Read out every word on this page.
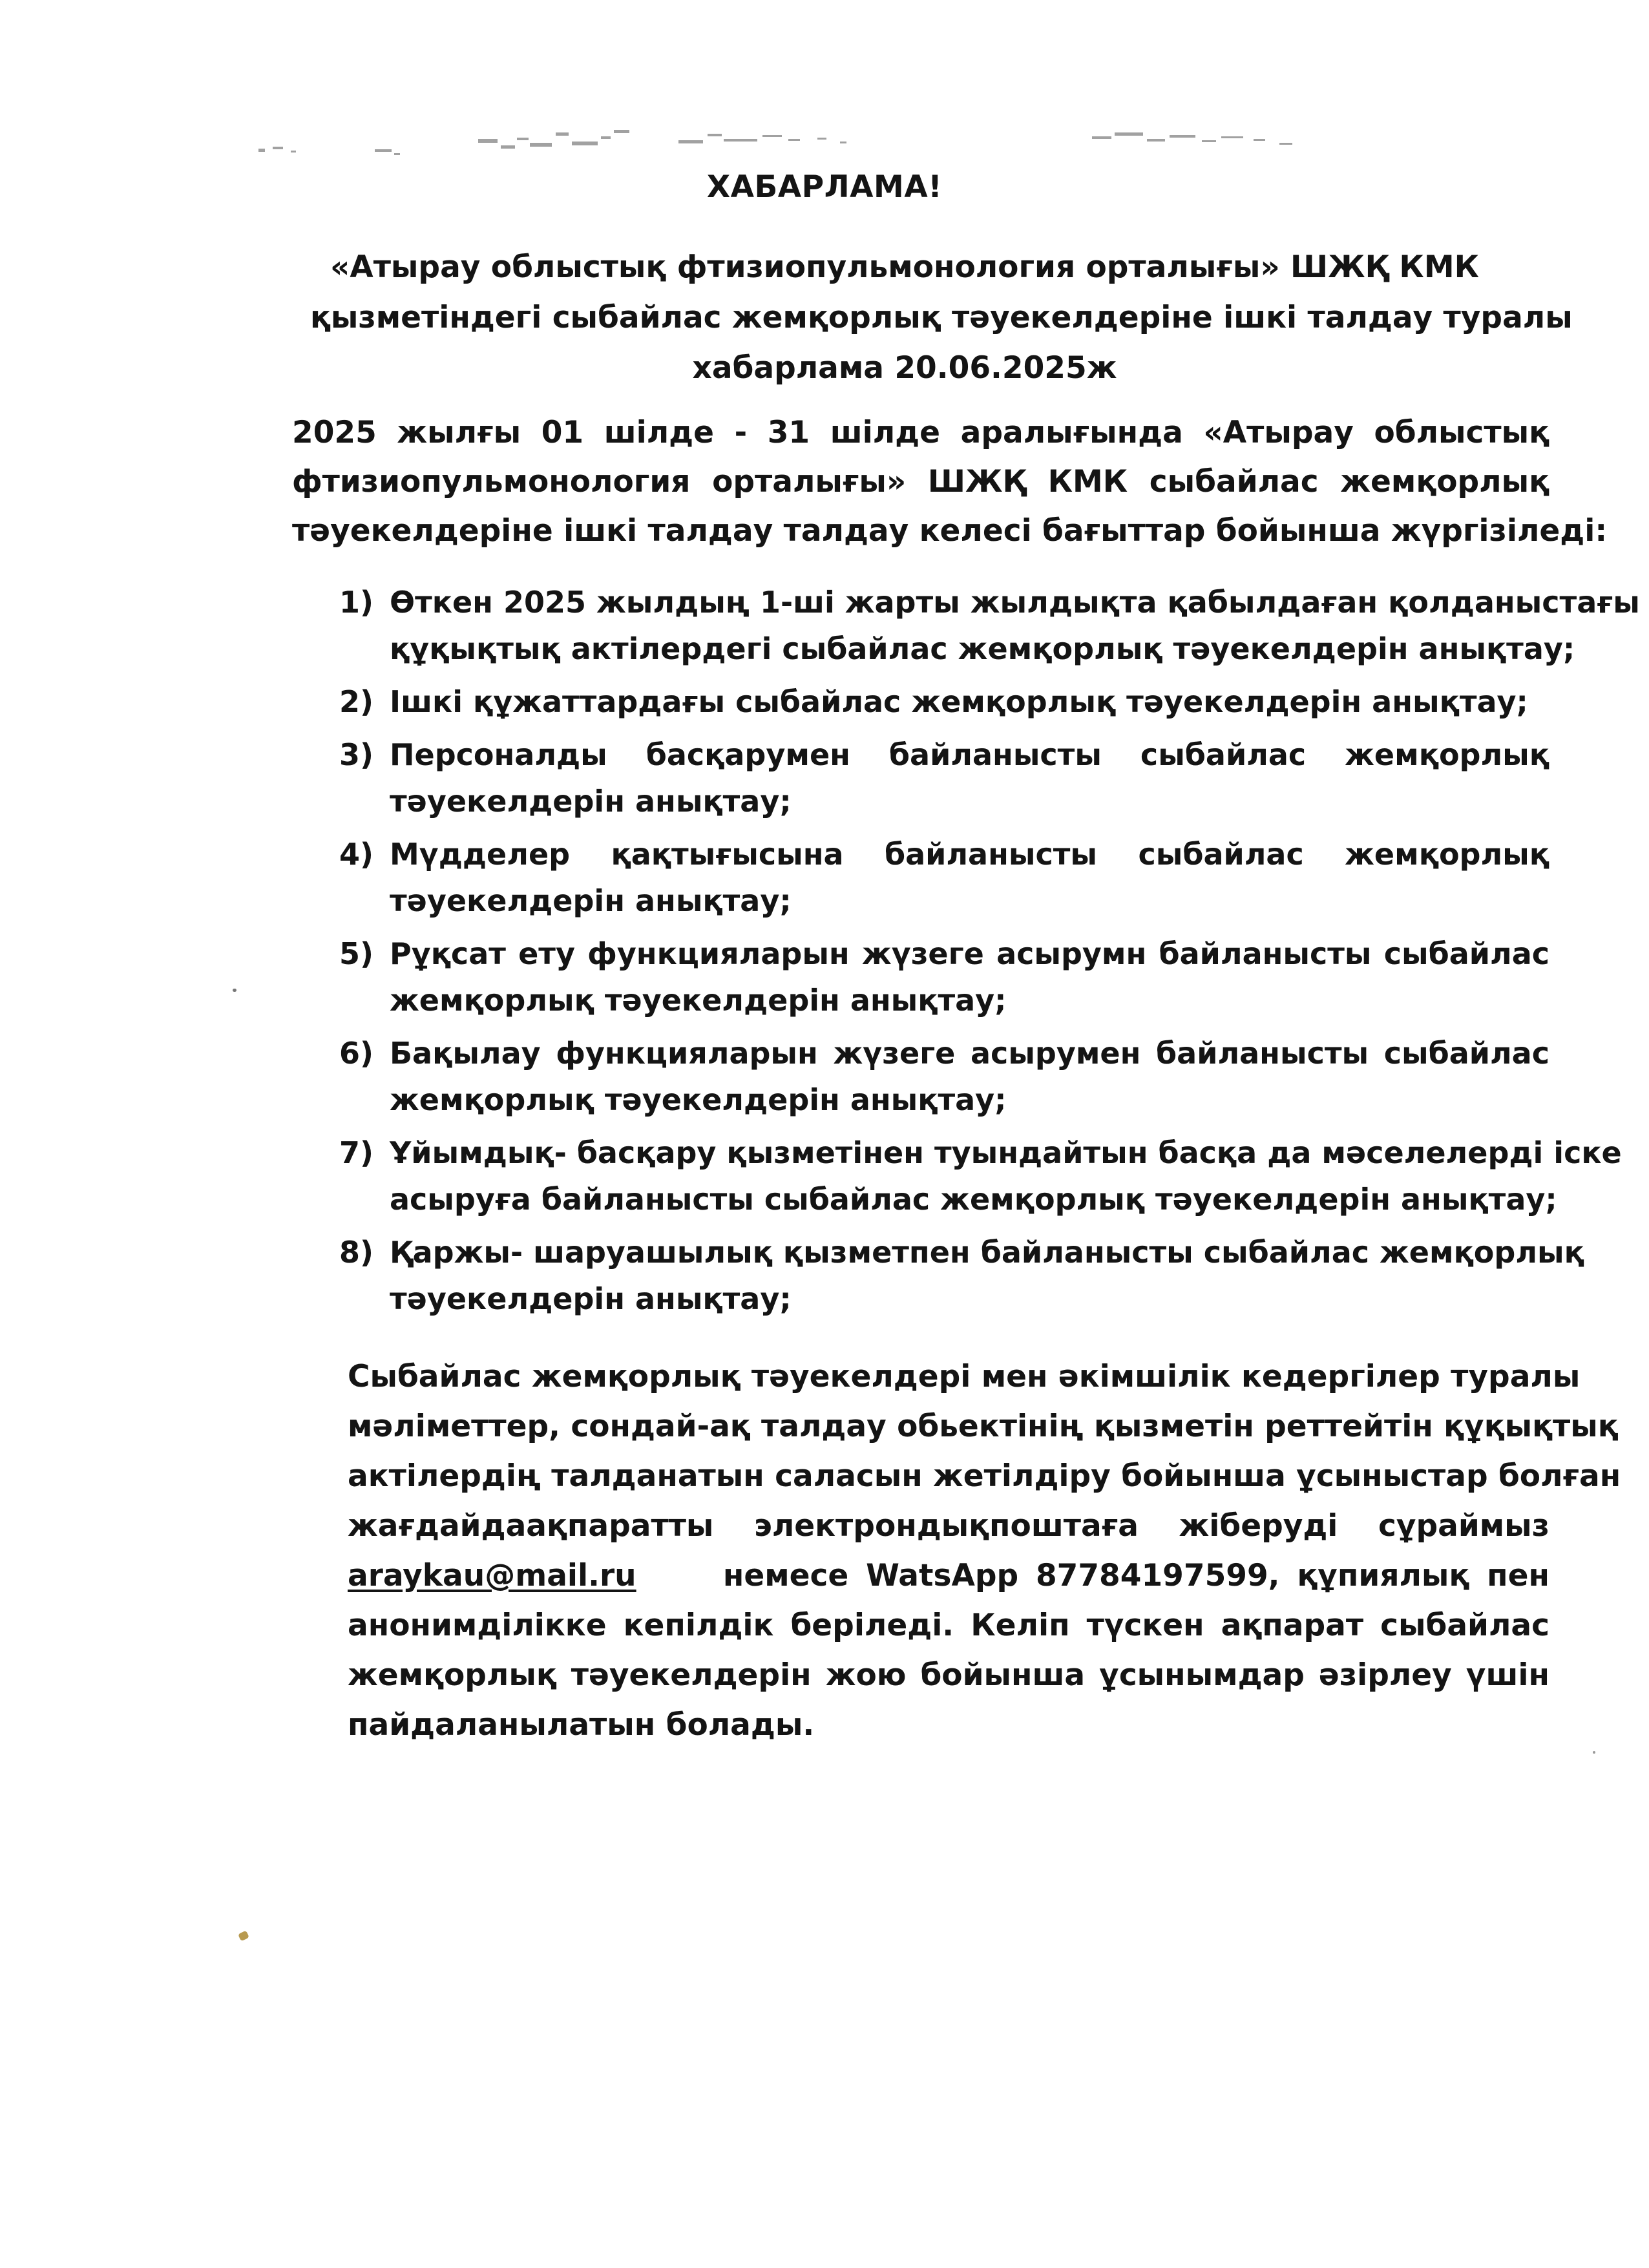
ХАБАРЛАМА!
«Атырау облыстық фтизиопульмонология орталығы» ШЖҚ КМК
қызметіндегі сыбайлас жемқорлық тәуекелдеріне ішкі талдау туралы
хабарлама 20.06.2025ж
2025 жылғы 01 шілде - 31 шілде аралығында «Атырау облыстық
фтизиопульмонология орталығы» ШЖҚ КМК сыбайлас жемқорлық
тәуекелдеріне ішкі талдау талдау келесі бағыттар бойынша жүргізіледі:
1) Өткен 2025 жылдың 1-ші жарты жылдықта қабылдаған қолданыстағы
құқықтық актілердегі сыбайлас жемқорлық тәуекелдерін анықтау;
2) Ішкі құжаттардағы сыбайлас жемқорлық тәуекелдерін анықтау;
3) Персоналды басқарумен байланысты сыбайлас жемқорлық
тәуекелдерін анықтау;
4) Мүдделер қақтығысына байланысты сыбайлас жемқорлық
тәуекелдерін анықтау;
5) Рұқсат ету функцияларын жүзеге асырумн байланысты сыбайлас
жемқорлық тәуекелдерін анықтау;
6) Бақылау функцияларын жүзеге асырумен байланысты сыбайлас
жемқорлық тәуекелдерін анықтау;
7) Ұйымдық- басқару қызметінен туындайтын басқа да мәселелерді іске
асыруға байланысты сыбайлас жемқорлық тәуекелдерін анықтау;
8) Қаржы- шаруашылық қызметпен байланысты сыбайлас жемқорлық
тәуекелдерін анықтау;
Сыбайлас жемқорлық тәуекелдері мен әкімшілік кедергілер туралы
мәліметтер, сондай-ақ талдау обьектінің қызметін реттейтін құқықтық
актілердің талданатын саласын жетілдіру бойынша ұсыныстар болған
жағдайдаақпаратты электрондықпоштаға жіберуді сұраймыз
araykau@mail.ru	немесе WatsApp 87784197599, құпиялық пен
анонимділікке кепілдік беріледі. Келіп түскен ақпарат сыбайлас
жемқорлық тәуекелдерін жою бойынша ұсынымдар әзірлеу үшін
пайдаланылатын болады.
